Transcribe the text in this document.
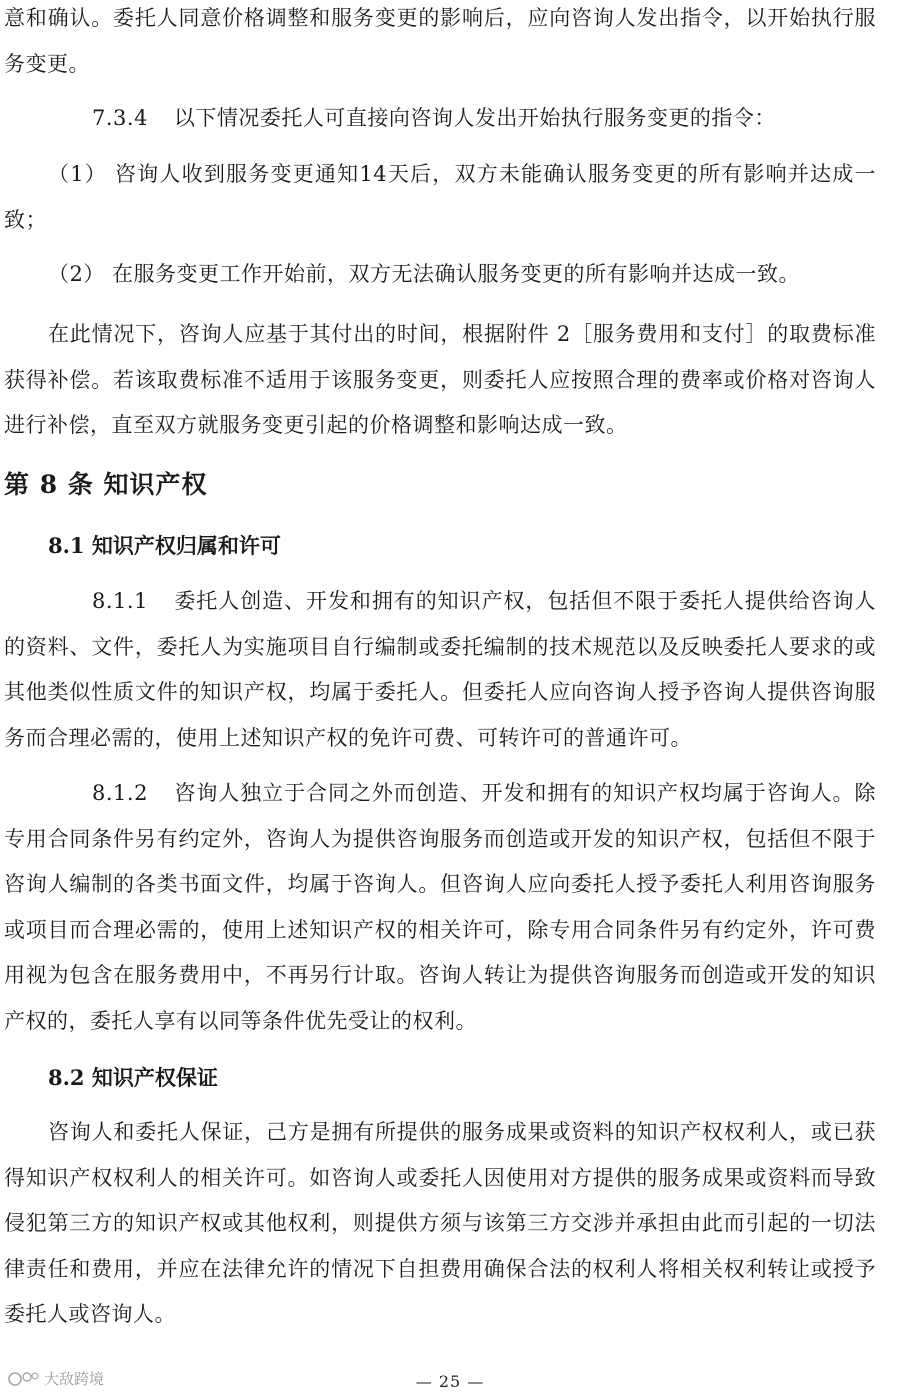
意和确认。委托人同意价格调整和服务变更的影响后，应向咨询人发出指令，以开始执行服务变更。

7.3.4 以下情况委托人可直接向咨询人发出开始执行服务变更的指令：

（1） 咨询人收到服务变更通知14天后，双方未能确认服务变更的所有影响并达成一致；

（2） 在服务变更工作开始前，双方无法确认服务变更的所有影响并达成一致。

在此情况下，咨询人应基于其付出的时间，根据附件 2［服务费用和支付］的取费标准获得补偿。若该取费标准不适用于该服务变更，则委托人应按照合理的费率或价格对咨询人进行补偿，直至双方就服务变更引起的价格调整和影响达成一致。

第 8 条 知识产权
8.1 知识产权归属和许可

8.1.1 委托人创造、开发和拥有的知识产权，包括但不限于委托人提供给咨询人的资料、文件，委托人为实施项目自行编制或委托编制的技术规范以及反映委托人要求的或其他类似性质文件的知识产权，均属于委托人。但委托人应向咨询人授予咨询人提供咨询服务而合理必需的，使用上述知识产权的免许可费、可转许可的普通许可。

8.1.2 咨询人独立于合同之外而创造、开发和拥有的知识产权均属于咨询人。除专用合同条件另有约定外，咨询人为提供咨询服务而创造或开发的知识产权，包括但不限于咨询人编制的各类书面文件，均属于咨询人。但咨询人应向委托人授予委托人利用咨询服务或项目而合理必需的，使用上述知识产权的相关许可，除专用合同条件另有约定外，许可费用视为包含在服务费用中，不再另行计取。咨询人转让为提供咨询服务而创造或开发的知识产权的，委托人享有以同等条件优先受让的权利。

8.2 知识产权保证

咨询人和委托人保证，己方是拥有所提供的服务成果或资料的知识产权权利人，或已获得知识产权权利人的相关许可。如咨询人或委托人因使用对方提供的服务成果或资料而导致侵犯第三方的知识产权或其他权利，则提供方须与该第三方交涉并承担由此而引起的一切法律责任和费用，并应在法律允许的情况下自担费用确保合法的权利人将相关权利转让或授予委托人或咨询人。

大敌跨境	— 25 —
